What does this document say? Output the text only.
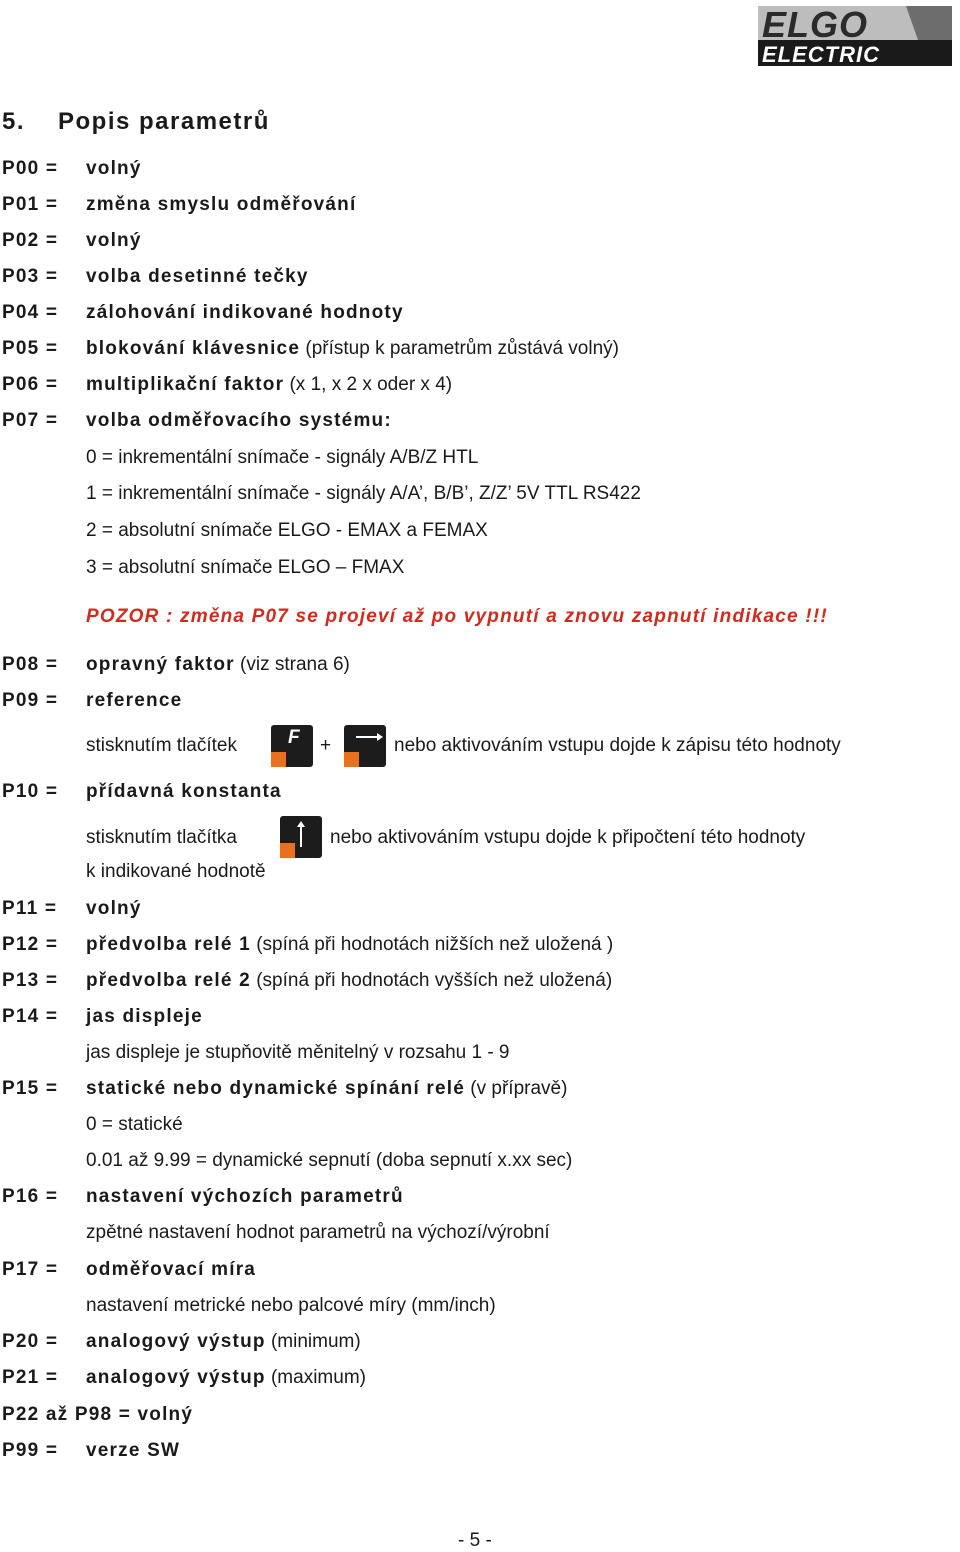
ELGO
ELECTRIC
5. Popis parametrů
P00 = volný
P01 = změna smyslu odměřování
P02 = volný
P03 = volba desetinné tečky
P04 = zálohování indikované hodnoty
P05 = blokování klávesnice (přístup k parametrům zůstává volný)
P06 = multiplikační faktor (x 1, x 2 x oder x 4)
P07 = volba odměřovacího systému:
0 = inkrementální snímače - signály A/B/Z HTL
1 = inkrementální snímače - signály A/A’, B/B’, Z/Z’ 5V TTL RS422
2 = absolutní snímače ELGO - EMAX a FEMAX
3 = absolutní snímače ELGO – FMAX
POZOR : změna P07 se projeví až po vypnutí a znovu zapnutí indikace !!!
P08 = opravný faktor (viz strana 6)
P09 = reference
stisknutím tlačítek	F +	nebo aktivováním vstupu dojde k zápisu této hodnoty
P10 = přídavná konstanta
stisknutím tlačítka	nebo aktivováním vstupu dojde k připočtení této hodnoty
k indikované hodnotě
P11 = volný
P12 = předvolba relé 1 (spíná při hodnotách nižších než uložená )
P13 = předvolba relé 2 (spíná při hodnotách vyšších než uložená)
P14 = jas displeje
jas displeje je stupňovitě měnitelný v rozsahu 1 - 9
P15 = statické nebo dynamické spínání relé (v přípravě)
0 = statické
0.01 až 9.99 = dynamické sepnutí (doba sepnutí x.xx sec)
P16 = nastavení výchozích parametrů
zpětné nastavení hodnot parametrů na výchozí/výrobní
P17 = odměřovací míra
nastavení metrické nebo palcové míry (mm/inch)
P20 = analogový výstup (minimum)
P21 = analogový výstup (maximum)
P22 až P98 = volný
P99 = verze SW
- 5 -
